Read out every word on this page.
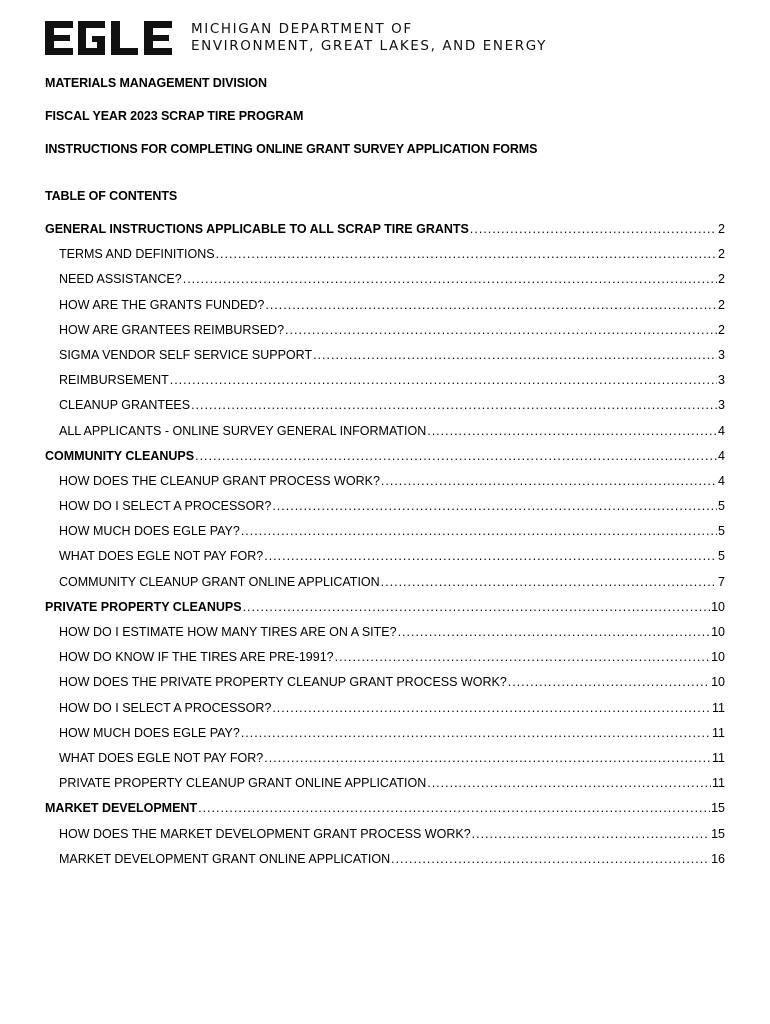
MICHIGAN DEPARTMENT OF
ENVIRONMENT, GREAT LAKES, AND ENERGY
MATERIALS MANAGEMENT DIVISION
FISCAL YEAR 2023 SCRAP TIRE PROGRAM
INSTRUCTIONS FOR COMPLETING ONLINE GRANT SURVEY APPLICATION FORMS
TABLE OF CONTENTS
GENERAL INSTRUCTIONS APPLICABLE TO ALL SCRAP TIRE GRANTS .....	2
TERMS AND DEFINITIONS .....	2
NEED ASSISTANCE? .....	2
HOW ARE THE GRANTS FUNDED? .....	2
HOW ARE GRANTEES REIMBURSED? .....	2
SIGMA VENDOR SELF SERVICE SUPPORT .....	3
REIMBURSEMENT .....	3
CLEANUP GRANTEES .....	3
ALL APPLICANTS - ONLINE SURVEY GENERAL INFORMATION .....	4
COMMUNITY CLEANUPS .....	4
HOW DOES THE CLEANUP GRANT PROCESS WORK? .....	4
HOW DO I SELECT A PROCESSOR? .....	5
HOW MUCH DOES EGLE PAY? .....	5
WHAT DOES EGLE NOT PAY FOR? .....	5
COMMUNITY CLEANUP GRANT ONLINE APPLICATION .....	7
PRIVATE PROPERTY CLEANUPS .....	10
HOW DO I ESTIMATE HOW MANY TIRES ARE ON A SITE? .....	10
HOW DO KNOW IF THE TIRES ARE PRE-1991? .....	10
HOW DOES THE PRIVATE PROPERTY CLEANUP GRANT PROCESS WORK? .....	10
HOW DO I SELECT A PROCESSOR? .....	11
HOW MUCH DOES EGLE PAY? .....	11
WHAT DOES EGLE NOT PAY FOR? .....	11
PRIVATE PROPERTY CLEANUP GRANT ONLINE APPLICATION .....	11
MARKET DEVELOPMENT .....	15
HOW DOES THE MARKET DEVELOPMENT GRANT PROCESS WORK? .....	15
MARKET DEVELOPMENT GRANT ONLINE APPLICATION .....	16
